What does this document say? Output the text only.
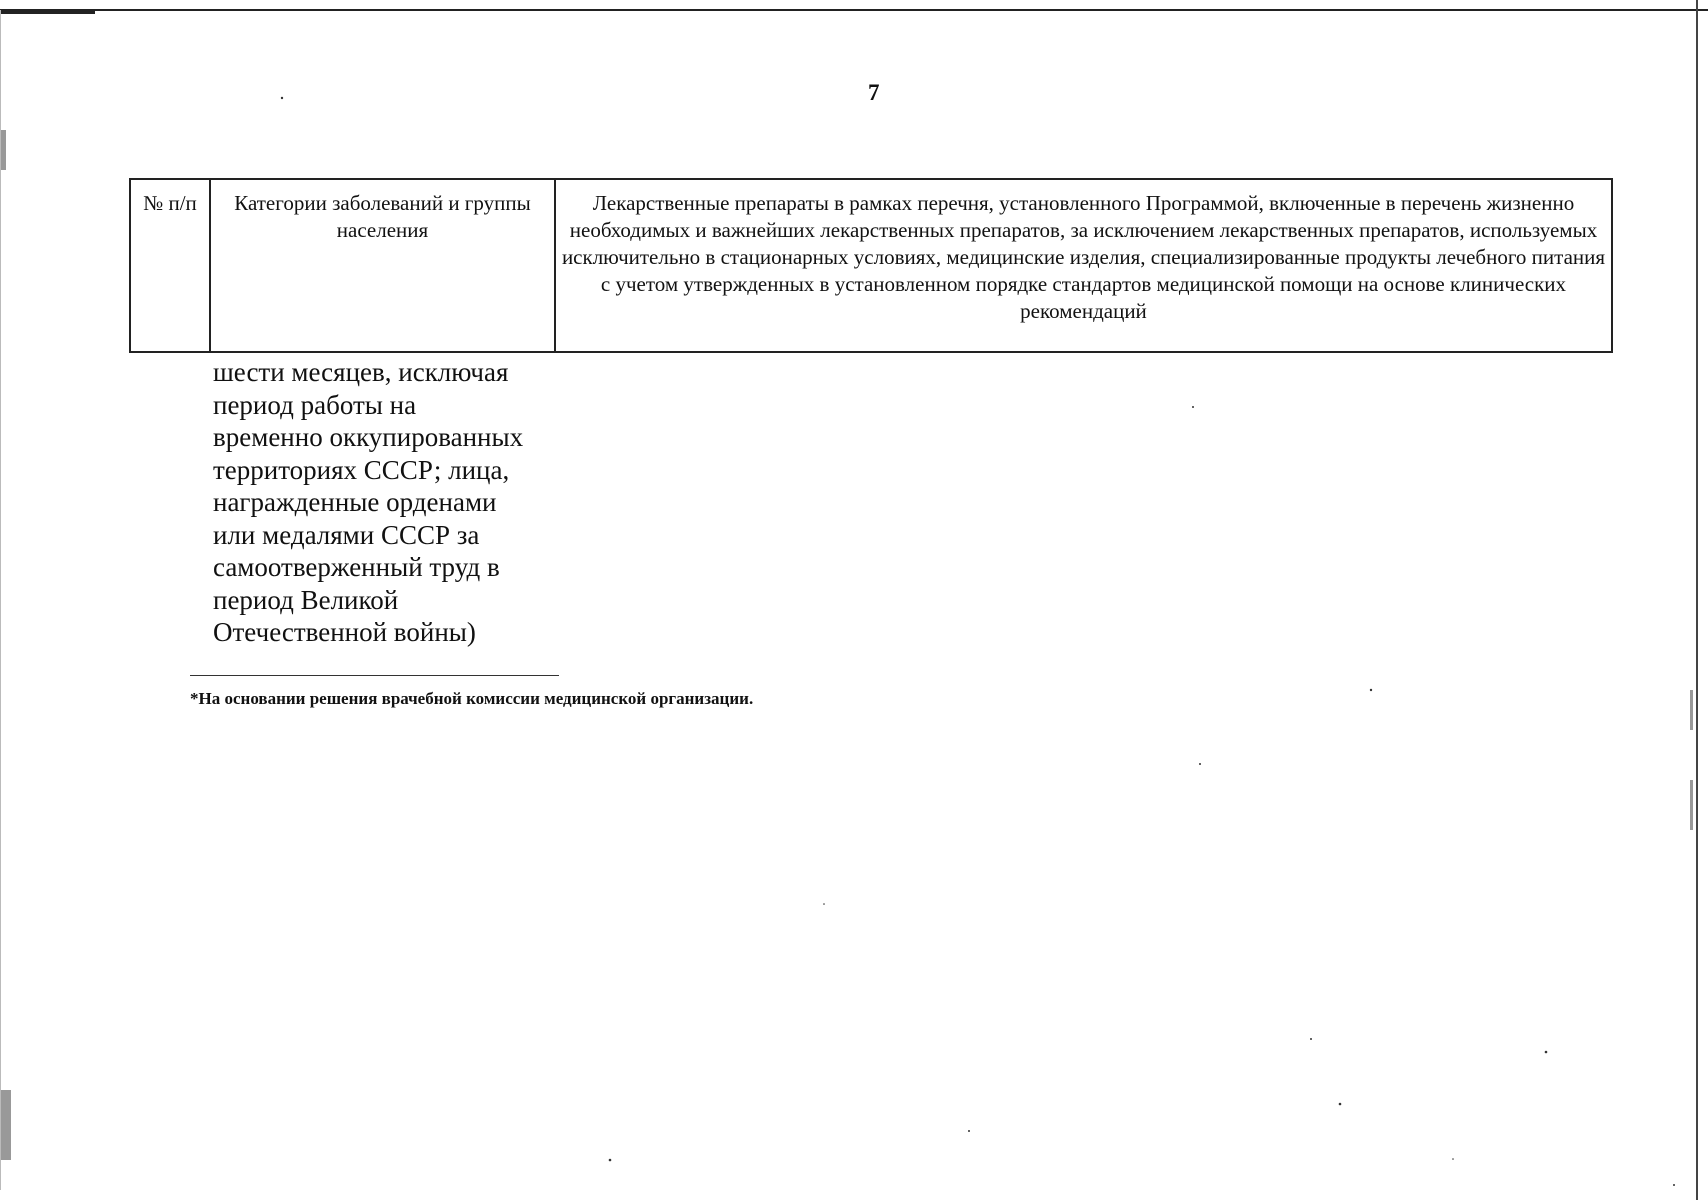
7
№ п/п	Категории заболеваний и группы населения	Лекарственные препараты в рамках перечня, установленного Программой, включенные в перечень жизненно необходимых и важнейших лекарственных препаратов, за исключением лекарственных препаратов, используемых исключительно в стационарных условиях, медицинские изделия, специализированные продукты лечебного питания с учетом утвержденных в установленном порядке стандартов медицинской помощи на основе клинических рекомендаций
шести месяцев, исключая
период работы на
временно оккупированных
территориях СССР; лица,
награжденные орденами
или медалями СССР за
самоотверженный труд в
период Великой
Отечественной войны)
*На основании решения врачебной комиссии медицинской организации.
